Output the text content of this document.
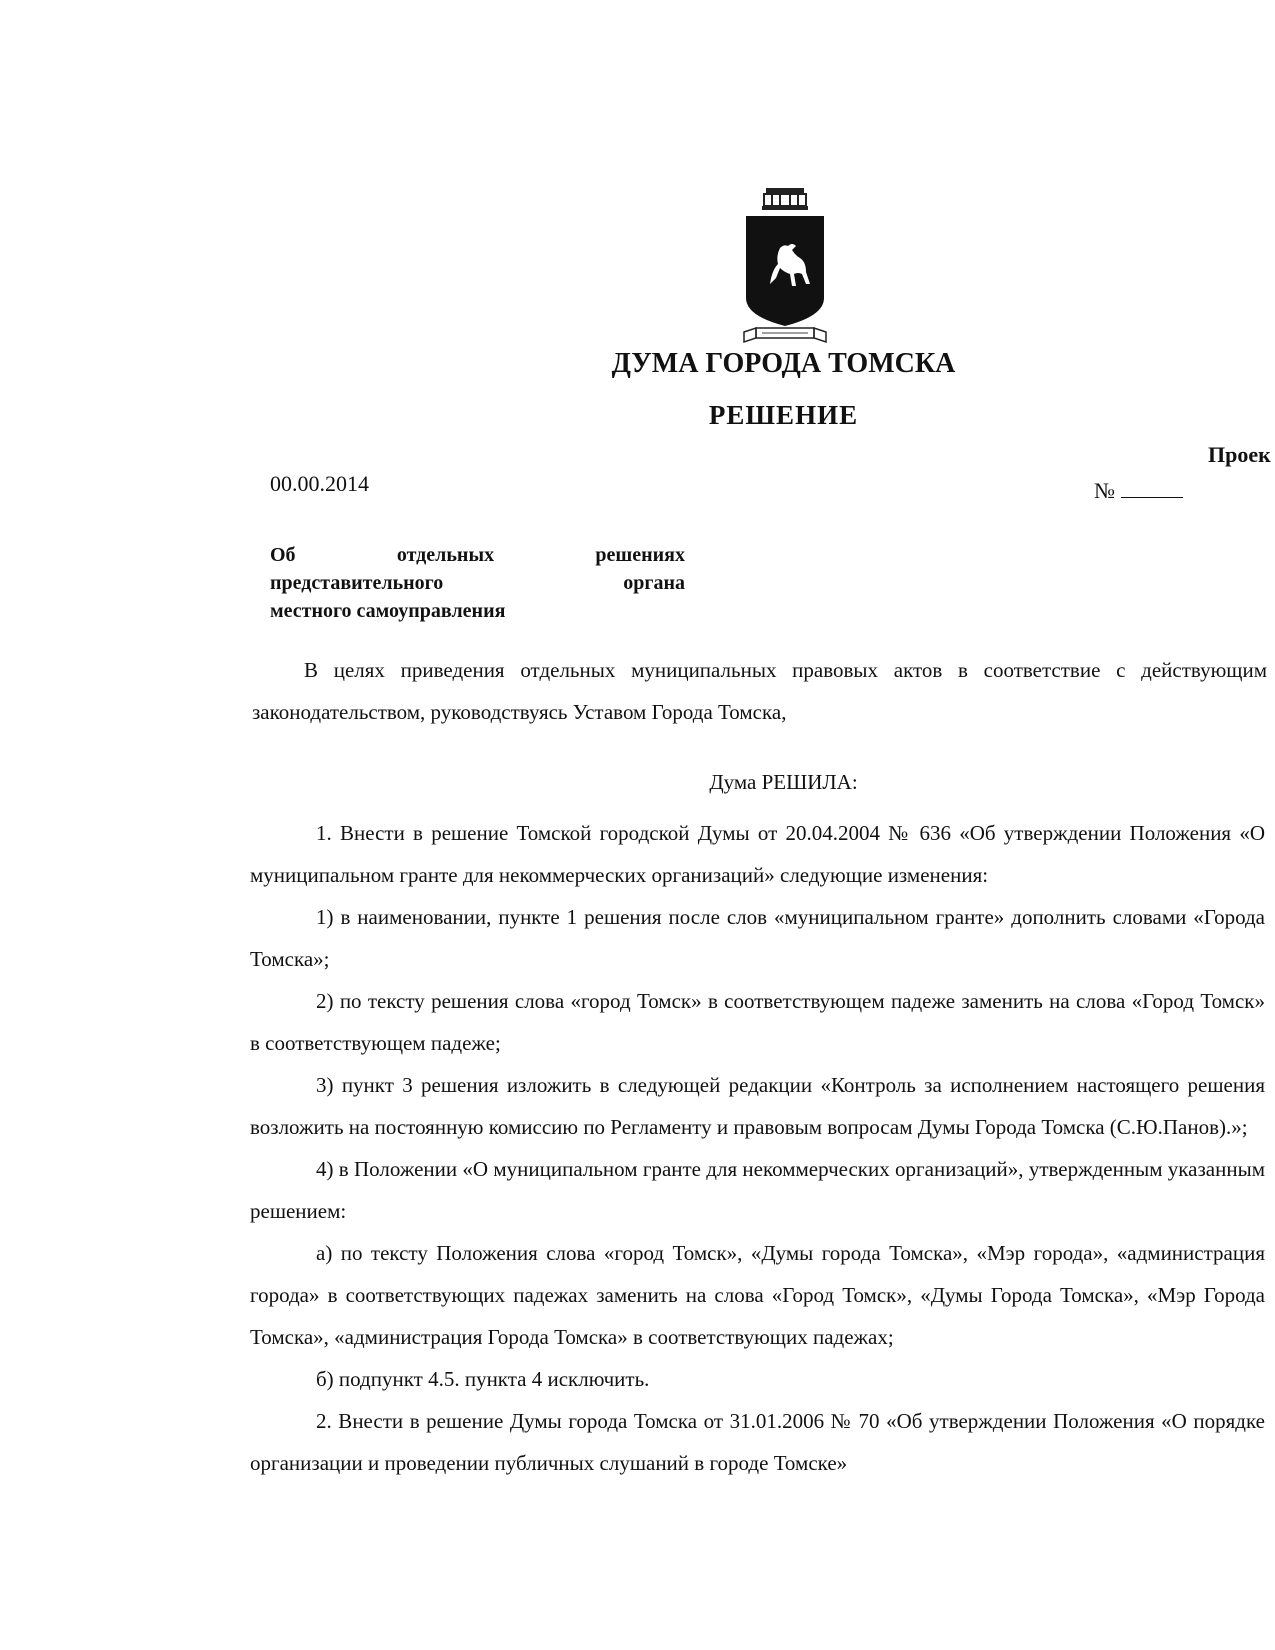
ДУМА ГОРОДА ТОМСКА
РЕШЕНИЕ
Проек
00.00.2014	№
Об	отдельных	решениях
представительного	органа
местного самоуправления

В целях приведения отдельных муниципальных правовых актов в соответствие с действующим законодательством, руководствуясь Уставом Города Томска,

Дума РЕШИЛА:

1. Внести в решение Томской городской Думы от 20.04.2004 № 636 «Об утверждении Положения «О муниципальном гранте для некоммерческих организаций» следующие изменения:

1) в наименовании, пункте 1 решения после слов «муниципальном гранте» дополнить словами «Города Томска»;

2) по тексту решения слова «город Томск» в соответствующем падеже заменить на слова «Город Томск» в соответствующем падеже;

3) пункт 3 решения изложить в следующей редакции «Контроль за исполнением настоящего решения возложить на постоянную комиссию по Регламенту и правовым вопросам Думы Города Томска (С.Ю.Панов).»;

4) в Положении «О муниципальном гранте для некоммерческих организаций», утвержденным указанным решением:

а) по тексту Положения слова «город Томск», «Думы города Томска», «Мэр города», «администрация города» в соответствующих падежах заменить на слова «Город Томск», «Думы Города Томска», «Мэр Города Томска», «администрация Города Томска» в соответствующих падежах;

б) подпункт 4.5. пункта 4 исключить.

2. Внести в решение Думы города Томска от 31.01.2006 № 70 «Об утверждении Положения «О порядке организации и проведении публичных слушаний в городе Томске»
